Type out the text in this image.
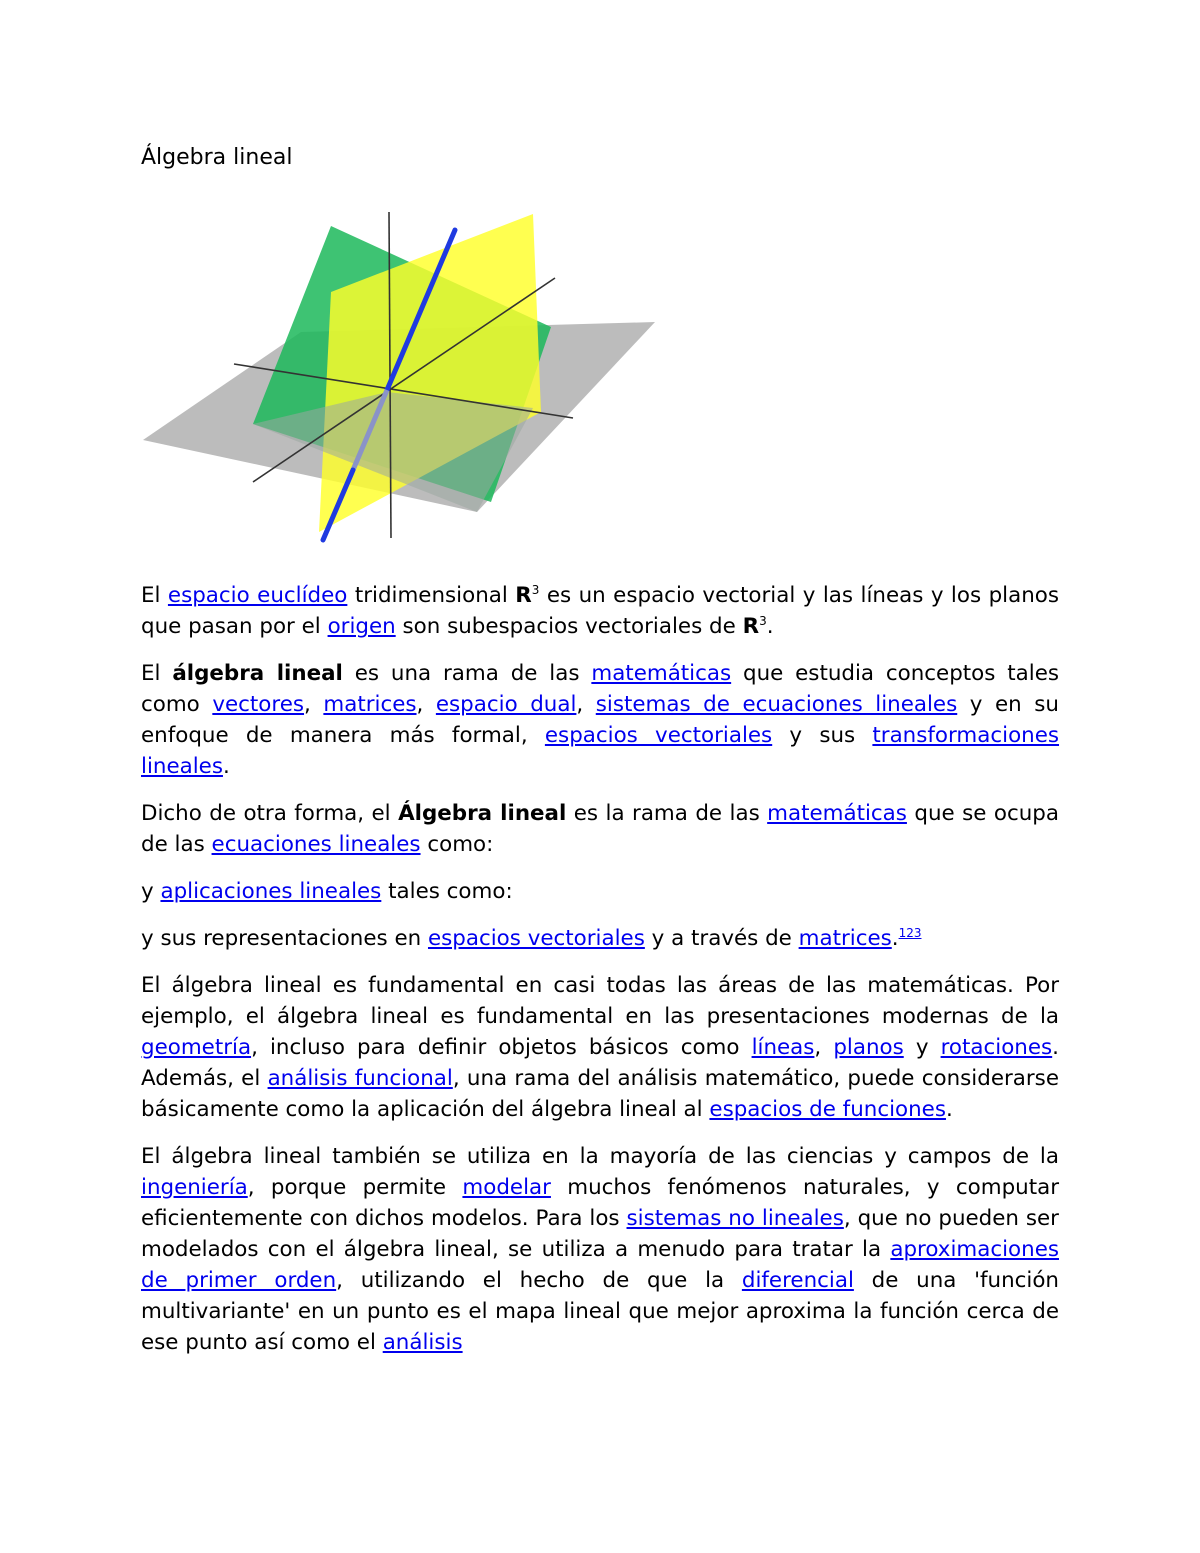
Álgebra lineal

El espacio euclídeo tridimensional $R^3$ es un espacio vectorial y las líneas y los planos que pasan por el origen son subespacios vectoriales de $R^3$.

El álgebra lineal es una rama de las matemáticas que estudia conceptos tales como vectores, matrices, espacio dual, sistemas de ecuaciones lineales y en su enfoque de manera más formal, espacios vectoriales y sus transformaciones lineales.

Dicho de otra forma, el Álgebra lineal es la rama de las matemáticas que se ocupa de las ecuaciones lineales como:

y aplicaciones lineales tales como:

y sus representaciones en espacios vectoriales y a través de matrices.$^{123}$

El álgebra lineal es fundamental en casi todas las áreas de las matemáticas. Por ejemplo, el álgebra lineal es fundamental en las presentaciones modernas de la geometría, incluso para definir objetos básicos como líneas, planos y rotaciones. Además, el análisis funcional, una rama del análisis matemático, puede considerarse básicamente como la aplicación del álgebra lineal al espacios de funciones.

El álgebra lineal también se utiliza en la mayoría de las ciencias y campos de la ingeniería, porque permite modelar muchos fenómenos naturales, y computar eficientemente con dichos modelos. Para los sistemas no lineales, que no pueden ser modelados con el álgebra lineal, se utiliza a menudo para tratar la aproximaciones de primer orden, utilizando el hecho de que la diferencial de una 'función multivariante' en un punto es el mapa lineal que mejor aproxima la función cerca de ese punto así como el análisis
